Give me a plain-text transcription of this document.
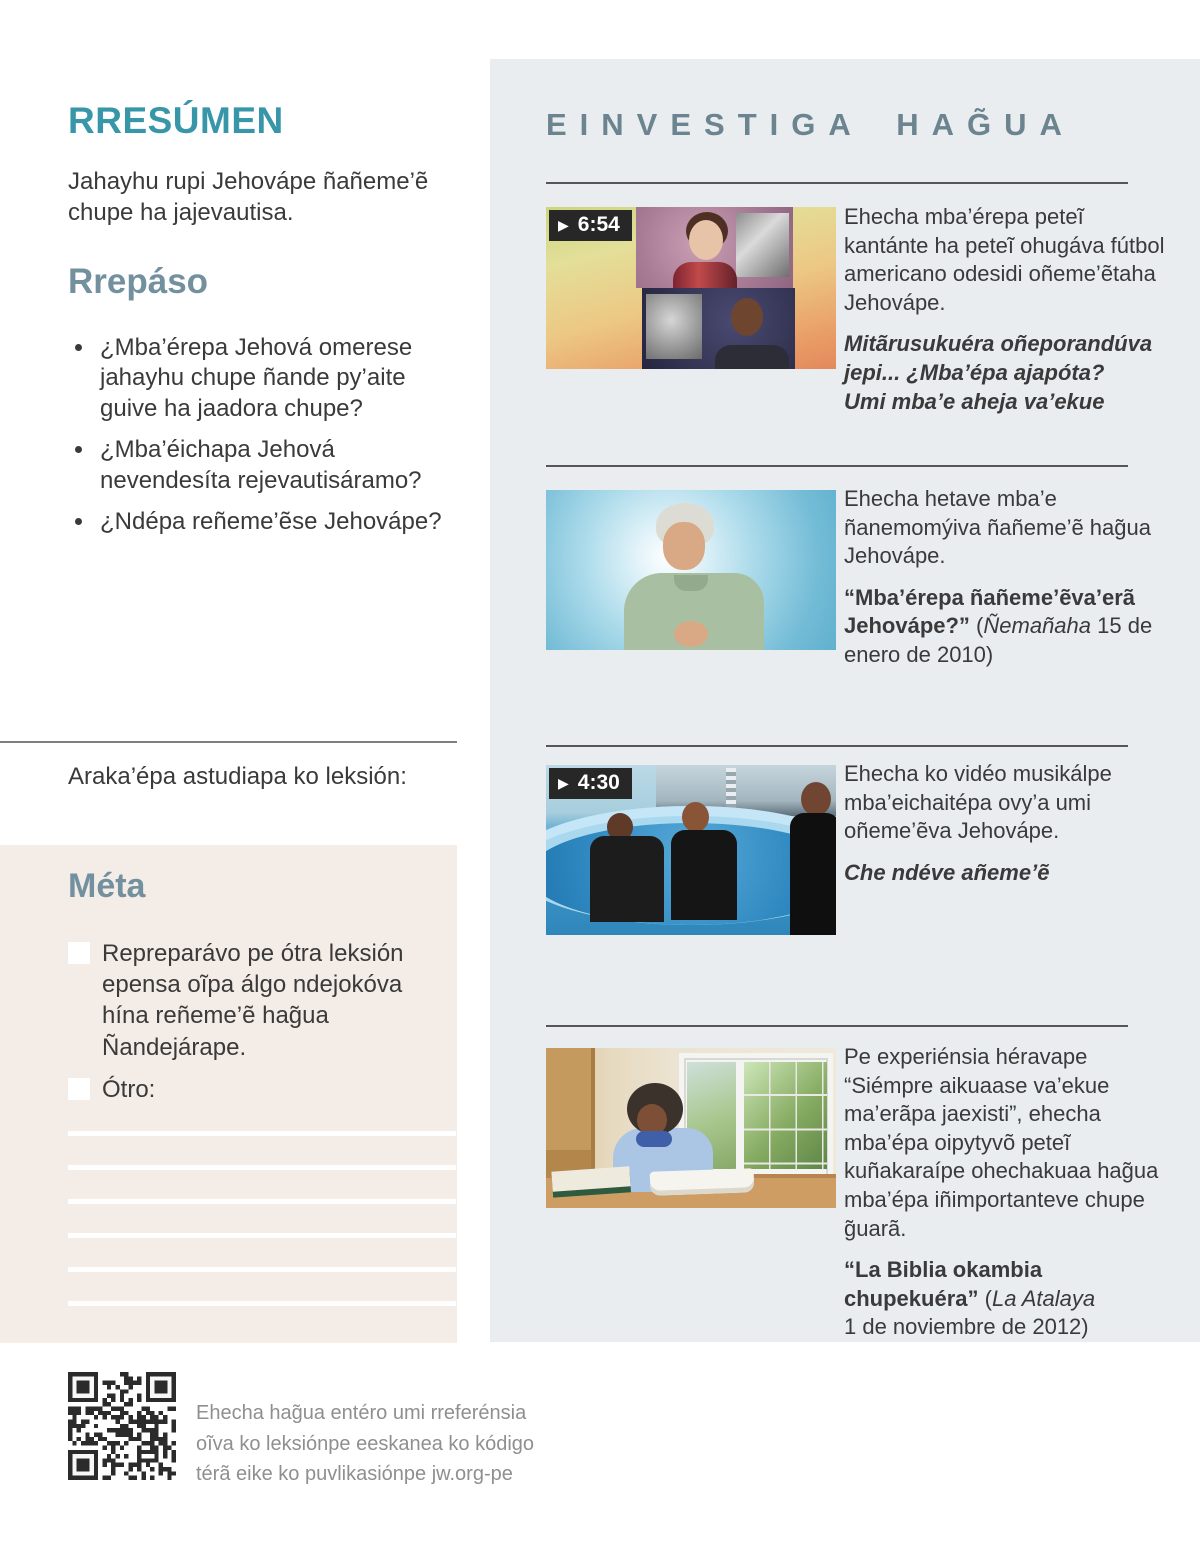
RRESÚMEN
Jahayhu rupi Jehovápe ñañeme’ẽ chupe ha jajevautisa.
Rrepáso
• ¿Mba’érepa Jehová omerese jahayhu chupe ñande py’aite guive ha jaadora chupe?
• ¿Mba’éichapa Jehová nevendesíta rejevautisáramo?
• ¿Ndépa reñeme’ẽse Jehovápe?
Araka’épa astudiapa ko leksión:
Méta
Repreparávo pe ótra leksión epensa oĩpa álgo ndejokóva hína reñeme’ẽ hag̃ua Ñandejárape.
Ótro:
Ehecha hag̃ua entéro umi rreferénsia oĩva ko leksiónpe eeskanea ko kódigo térã eike ko puvlikasiónpe jw.org-pe
EINVESTIGA HAG̃UA
▶ 6:54	Ehecha mba’érepa peteĩ kantánte ha peteĩ ohugáva fútbol americano odesidi oñeme’ẽtaha Jehovápe.

Mitãrusukuéra oñeporandúva jepi... ¿Mba’épa ajapóta?
Umi mba’e aheja va’ekue

Ehecha hetave mba’e ñanemomýiva ñañeme’ẽ hag̃ua Jehovápe.

“Mba’érepa ñañeme’ẽva’erã Jehovápe?” (Ñemañaha 15 de enero de 2010)

▶ 4:30	Ehecha ko vidéo musikálpe mba’eichaitépa ovy’a umi oñeme’ẽva Jehovápe.

Che ndéve añeme’ẽ

Pe experiénsia héravape “Siémpre aikuaase va’ekue ma’erãpa jaexisti”, ehecha mba’épa oipytyvõ peteĩ kuñakaraípe ohechakuaa hag̃ua mba’épa iñimportanteve chupe g̃uarã.

“La Biblia okambia chupekuéra” (La Atalaya
1 de noviembre de 2012)
